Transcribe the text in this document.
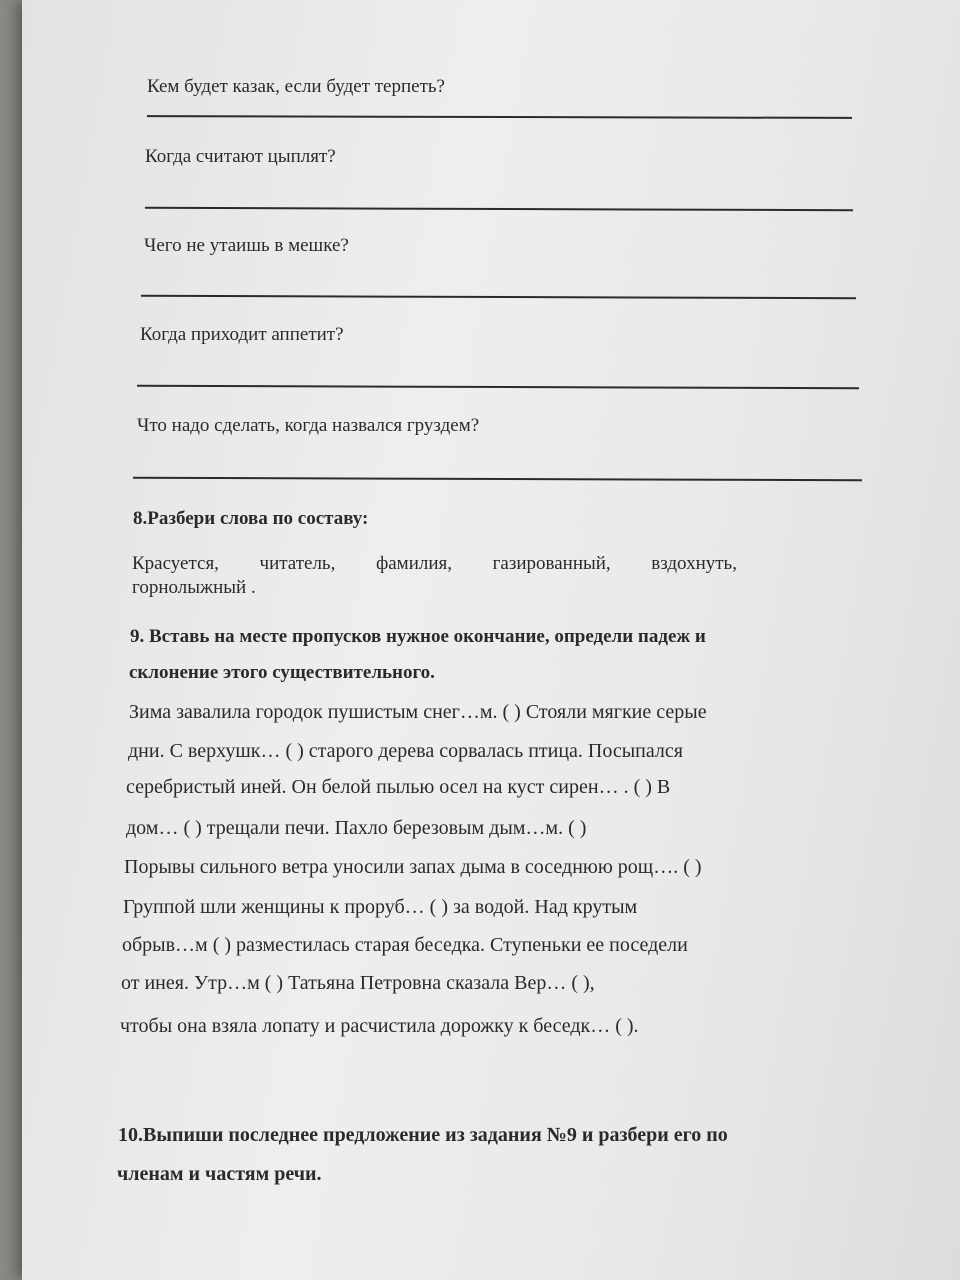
Кем будет казак, если будет терпеть?
Когда считают цыплят?
Чего не утаишь в мешке?
Когда приходит аппетит?
Что надо сделать, когда назвался груздем?
8.Разбери слова по составу:
Красуется, читатель, фамилия, газированный, вздохнуть,
горнолыжный .
9. Вставь на месте пропусков нужное окончание, определи падеж и
склонение этого существительного.
Зима завалила городок пушистым снег…м. ( ) Стояли мягкие серые
дни. С верхушк… ( ) старого дерева сорвалась птица. Посыпался
серебристый иней. Он белой пылью осел на куст сирен… . ( ) В
дом… ( ) трещали печи. Пахло березовым дым…м. ( )
Порывы сильного ветра уносили запах дыма в соседнюю рощ…. ( )
Группой шли женщины к проруб… ( ) за водой. Над крутым
обрыв…м ( ) разместилась старая беседка. Ступеньки ее поседели
от инея. Утр…м ( ) Татьяна Петровна сказала Вер… ( ),
чтобы она взяла лопату и расчистила дорожку к беседк… ( ).
10.Выпиши последнее предложение из задания №9 и разбери его по
членам и частям речи.
